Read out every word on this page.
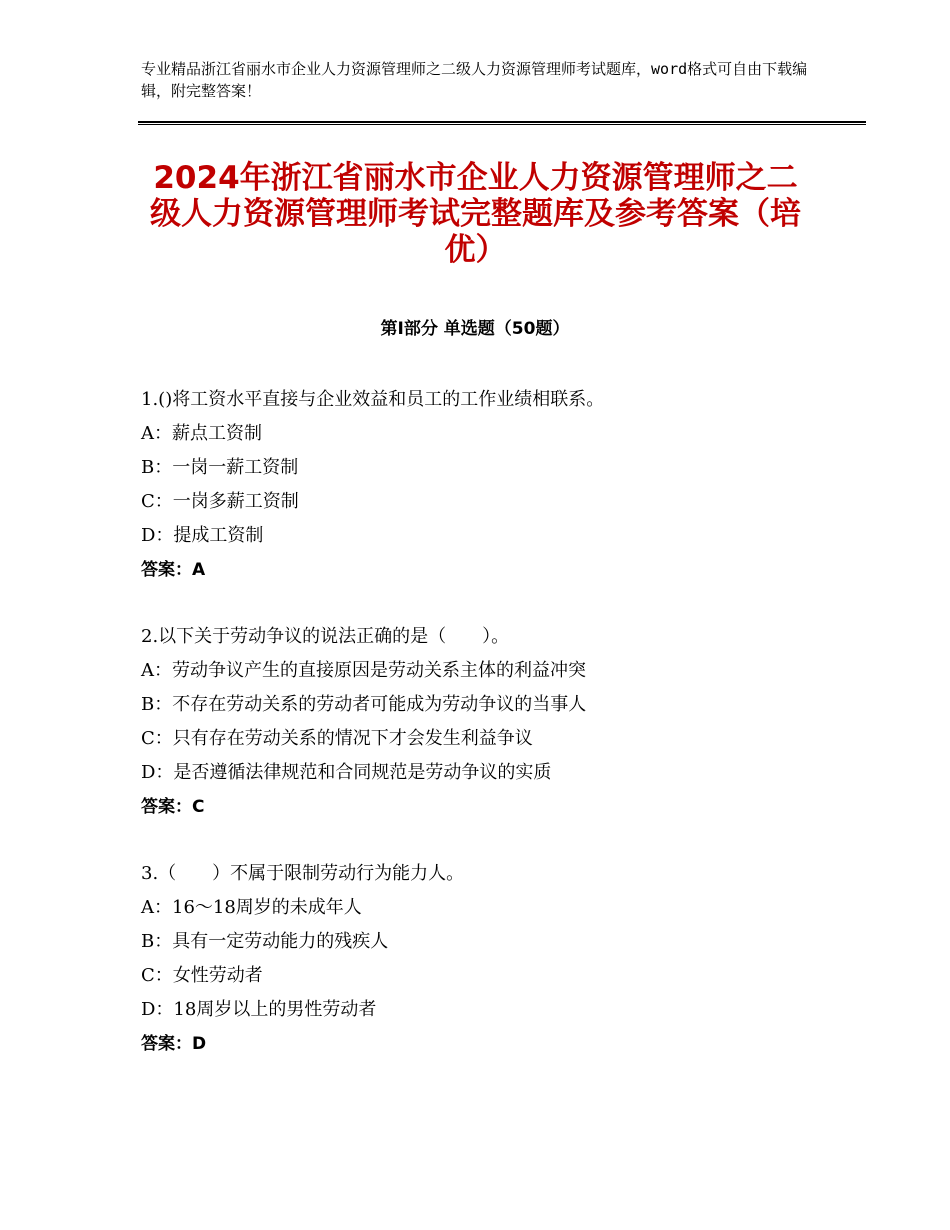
专业精品浙江省丽水市企业人力资源管理师之二级人力资源管理师考试题库，word格式可自由下载编辑，附完整答案！
2024年浙江省丽水市企业人力资源管理师之二级人力资源管理师考试完整题库及参考答案（培优）
第Ⅰ部分 单选题（50题）
1.()将工资水平直接与企业效益和员工的工作业绩相联系。
A：薪点工资制
B：一岗一薪工资制
C：一岗多薪工资制
D：提成工资制
答案：A
2.以下关于劳动争议的说法正确的是（　　）。
A：劳动争议产生的直接原因是劳动关系主体的利益冲突
B：不存在劳动关系的劳动者可能成为劳动争议的当事人
C：只有存在劳动关系的情况下才会发生利益争议
D：是否遵循法律规范和合同规范是劳动争议的实质
答案：C
3.（　　）不属于限制劳动行为能力人。
A：16～18周岁的未成年人
B：具有一定劳动能力的残疾人
C：女性劳动者
D：18周岁以上的男性劳动者
答案：D
